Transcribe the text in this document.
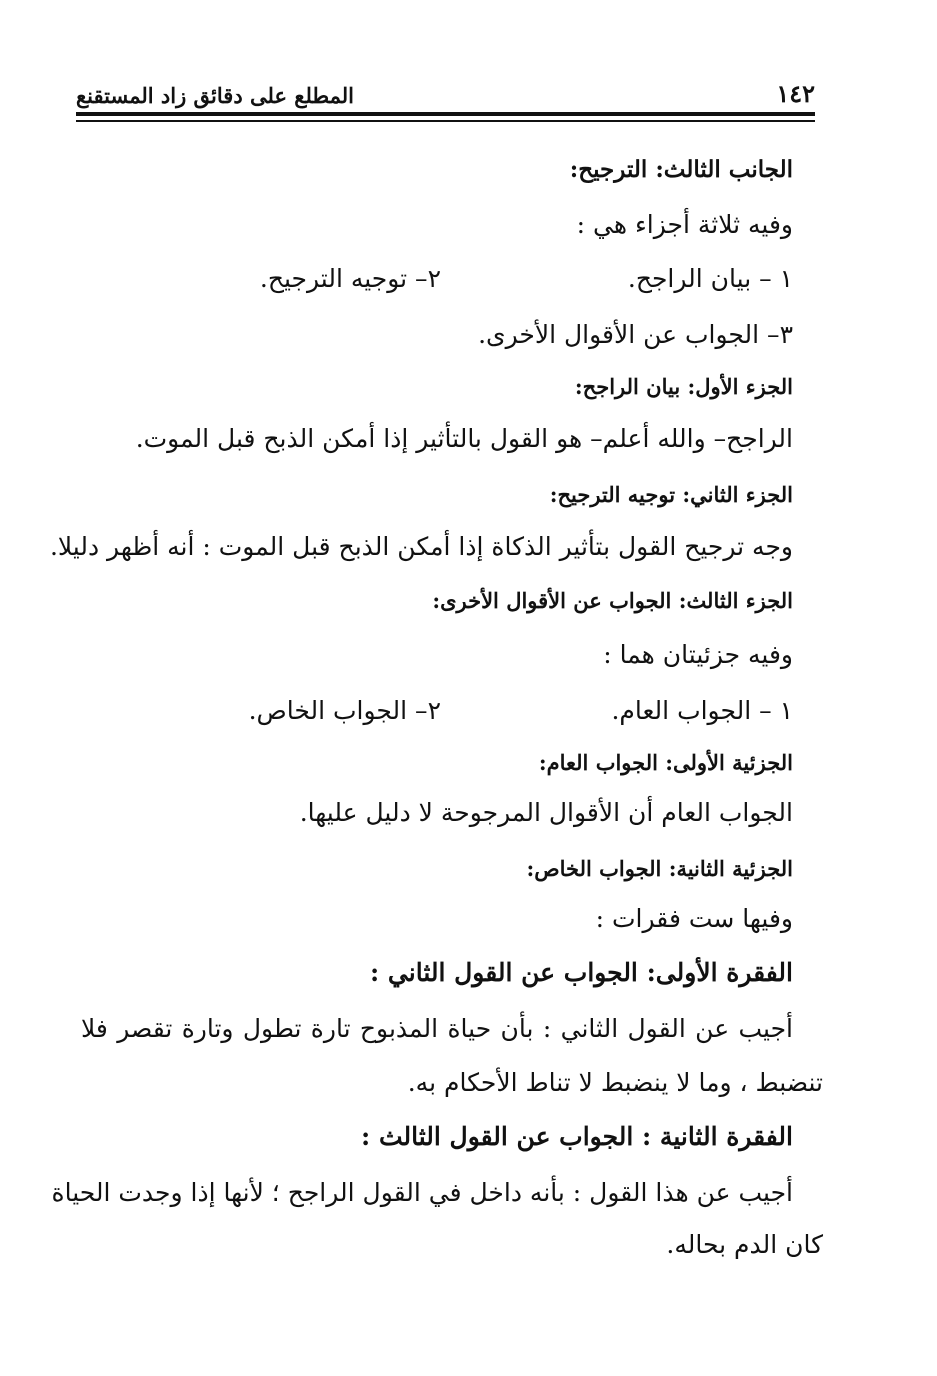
١٤٢
المطلع على دقائق زاد المستقنع
الجانب الثالث: الترجيح:
وفيه ثلاثة أجزاء هي :
١ – بيان الراجح.
٢– توجيه الترجيح.
٣– الجواب عن الأقوال الأخرى.
الجزء الأول: بيان الراجح:
الراجح– والله أعلم– هو القول بالتأثير إذا أمكن الذبح قبل الموت.
الجزء الثاني: توجيه الترجيح:
وجه ترجيح القول بتأثير الذكاة إذا أمكن الذبح قبل الموت : أنه أظهر دليلا.
الجزء الثالث: الجواب عن الأقوال الأخرى:
وفيه جزئيتان هما :
١ – الجواب العام.
٢– الجواب الخاص.
الجزئية الأولى: الجواب العام:
الجواب العام أن الأقوال المرجوحة لا دليل عليها.
الجزئية الثانية: الجواب الخاص:
وفيها ست فقرات :
الفقرة الأولى: الجواب عن القول الثاني :
أجيب عن القول الثاني : بأن حياة المذبوح تارة تطول وتارة تقصر فلا
تنضبط ، وما لا ينضبط لا تناط الأحكام به.
الفقرة الثانية : الجواب عن القول الثالث :
أجيب عن هذا القول : بأنه داخل في القول الراجح ؛ لأنها إذا وجدت الحياة
كان الدم بحاله.
